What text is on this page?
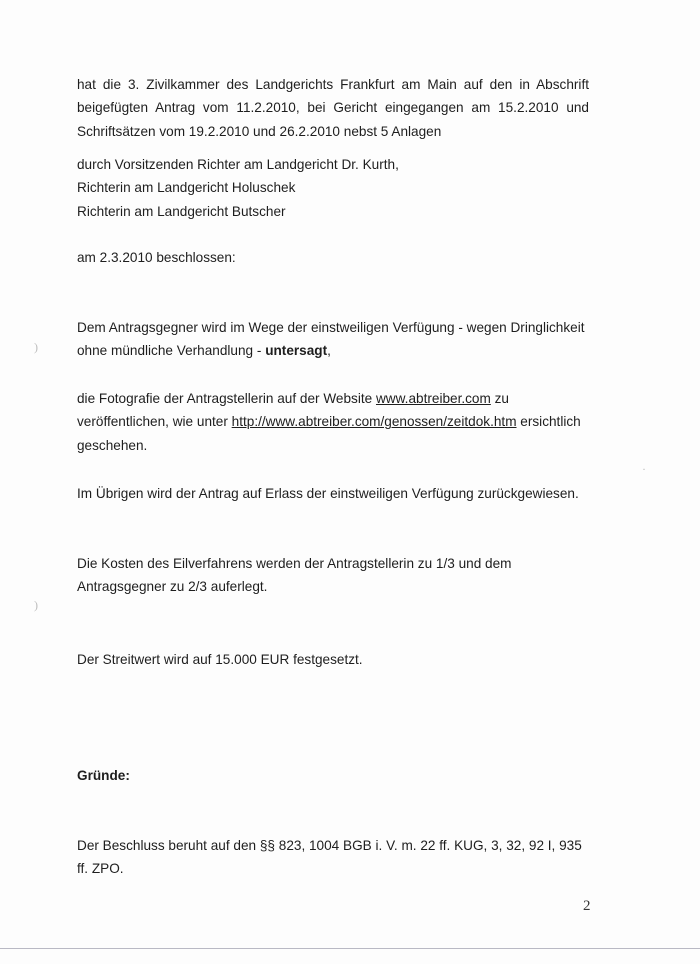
hat die 3. Zivilkammer des Landgerichts Frankfurt am Main auf den in Abschrift
beigefügten Antrag vom 11.2.2010, bei Gericht eingegangen am 15.2.2010 und
Schriftsätzen vom 19.2.2010 und 26.2.2010 nebst 5 Anlagen
durch Vorsitzenden Richter am Landgericht Dr. Kurth,
Richterin am Landgericht Holuschek
Richterin am Landgericht Butscher
am 2.3.2010 beschlossen:
Dem Antragsgegner wird im Wege der einstweiligen Verfügung - wegen Dringlichkeit
ohne mündliche Verhandlung - untersagt,
die Fotografie der Antragstellerin auf der Website www.abtreiber.com zu
veröffentlichen, wie unter http://www.abtreiber.com/genossen/zeitdok.htm ersichtlich
geschehen.
Im Übrigen wird der Antrag auf Erlass der einstweiligen Verfügung zurückgewiesen.
Die Kosten des Eilverfahrens werden der Antragstellerin zu 1/3 und dem
Antragsgegner zu 2/3 auferlegt.
Der Streitwert wird auf 15.000 EUR festgesetzt.
Gründe:
Der Beschluss beruht auf den §§ 823, 1004 BGB i. V. m. 22 ff. KUG, 3, 32, 92 I, 935
ff. ZPO.
2
)
)
·
